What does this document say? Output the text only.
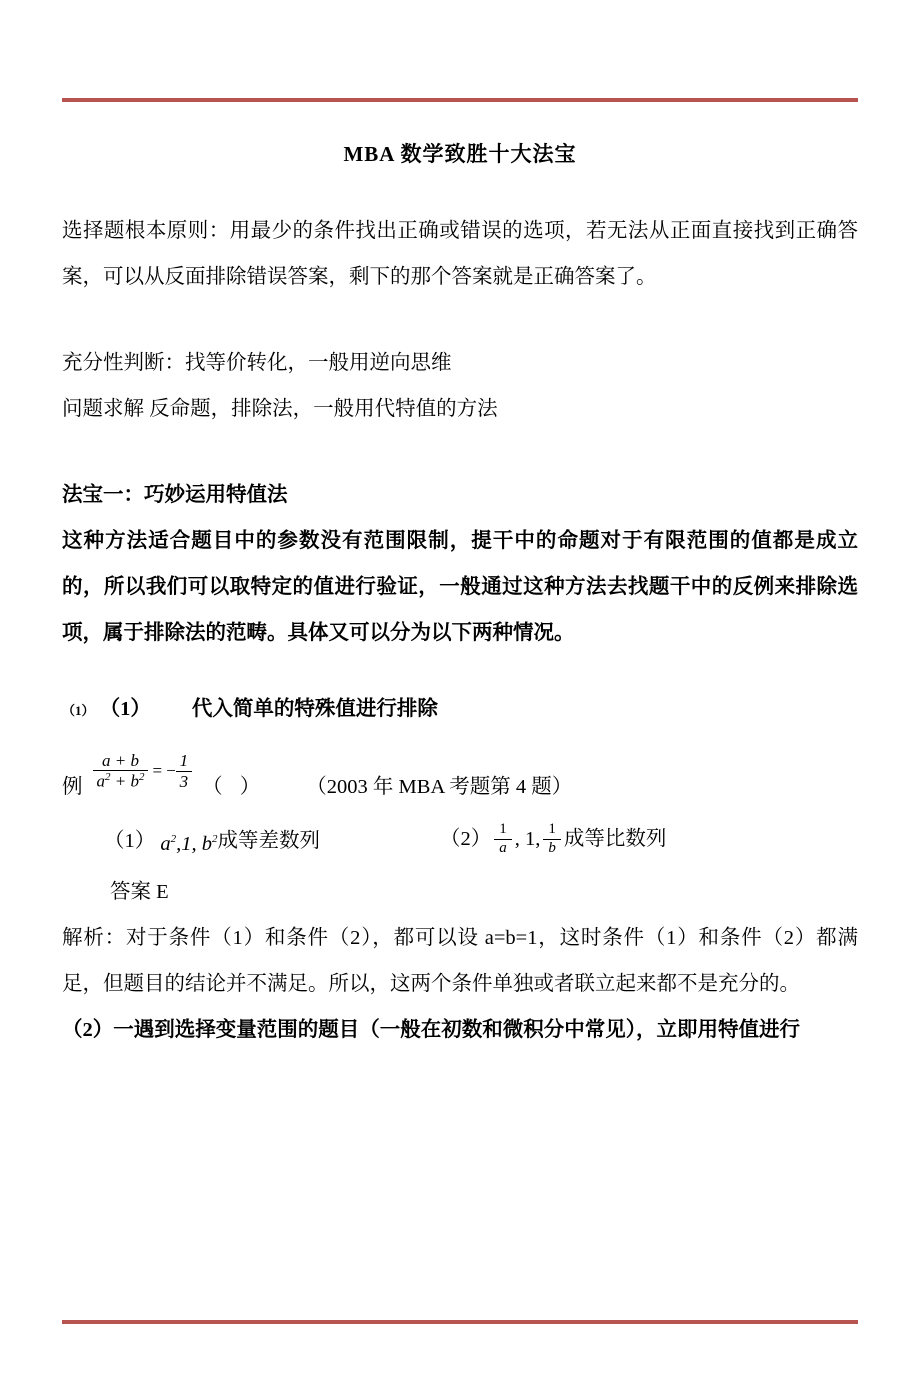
MBA 数学致胜十大法宝

选择题根本原则：用最少的条件找出正确或错误的选项，若无法从正面直接找到正确答案，可以从反面排除错误答案，剩下的那个答案就是正确答案了。

充分性判断：找等价转化，一般用逆向思维

问题求解 反命题，排除法，一般用代特值的方法

法宝一：巧妙运用特值法

这种方法适合题目中的参数没有范围限制，提干中的命题对于有限范围的值都是成立的，所以我们可以取特定的值进行验证，一般通过这种方法去找题干中的反例来排除选项，属于排除法的范畴。具体又可以分为以下两种情况。

（1） （1） 代入简单的特殊值进行排除

例 $\frac{a + b}{a^2 + b^2}$ = − $\frac{1}{3}$ （ ） （2003 年 MBA 考题第 4 题）
（1）
$a^2,1$, $b^2$ 成等差数列	$(2) \frac{1}{a}$ , 1, $\frac{1}{b}$ 成等比数列

答案 E

解析：对于条件（1）和条件（2），都可以设 a=b=1，这时条件（1）和条件（2）都满足，但题目的结论并不满足。所以，这两个条件单独或者联立起来都不是充分的。

（2）一遇到选择变量范围的题目（一般在初数和微积分中常见），立即用特值进行
